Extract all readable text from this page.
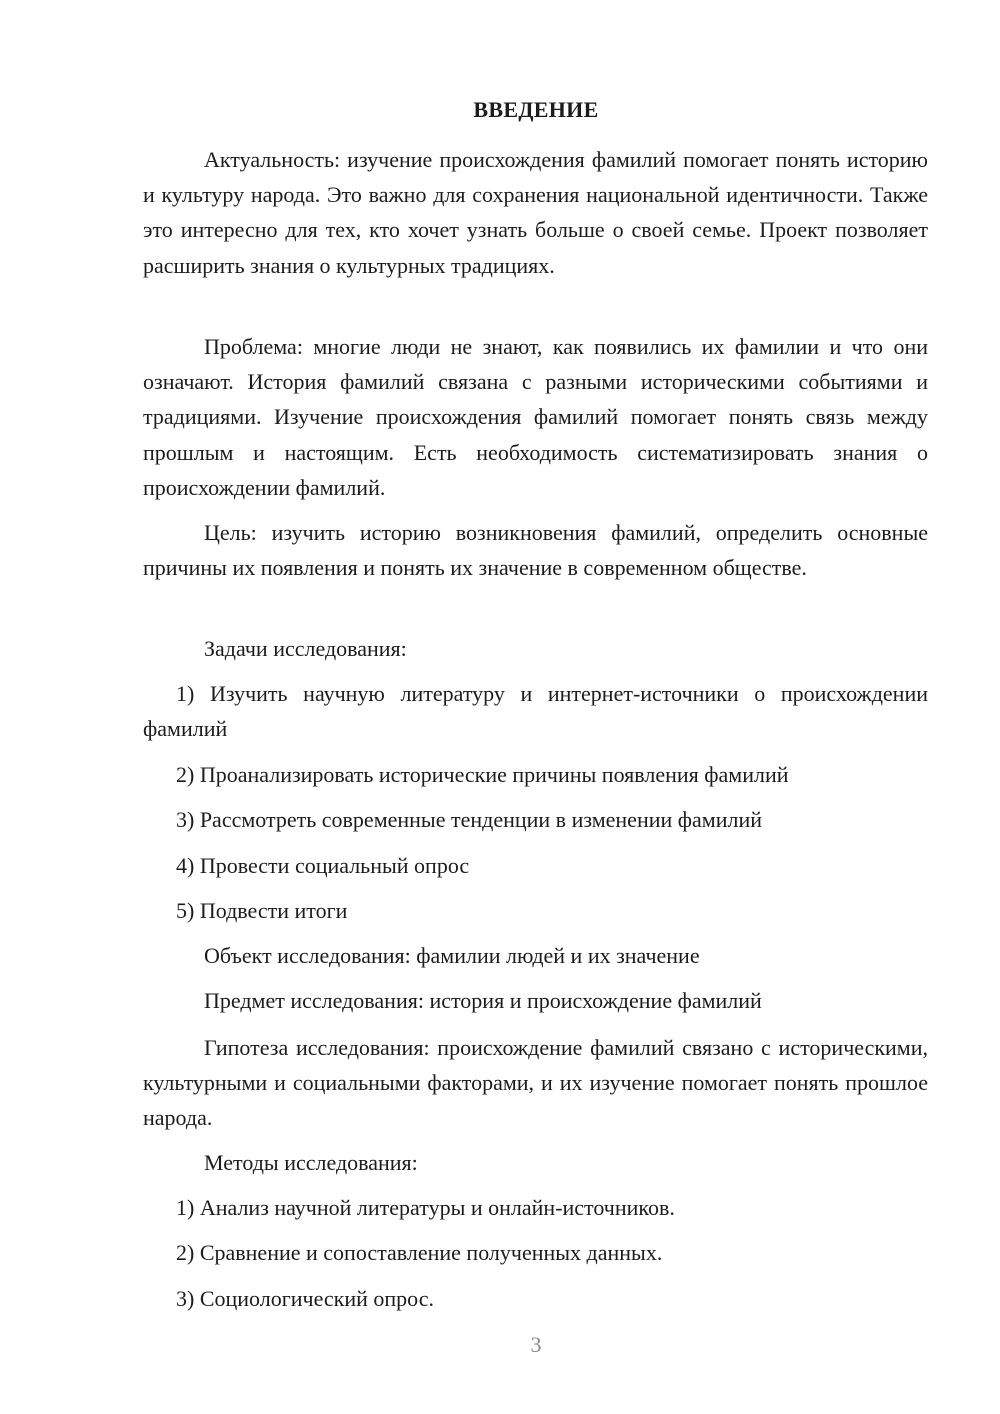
ВВЕДЕНИЕ

Актуальность: изучение происхождения фамилий помогает понять историю и культуру народа. Это важно для сохранения национальной идентичности. Также это интересно для тех, кто хочет узнать больше о своей семье. Проект позволяет расширить знания о культурных традициях.

Проблема: многие люди не знают, как появились их фамилии и что они означают. История фамилий связана с разными историческими событиями и традициями. Изучение происхождения фамилий помогает понять связь между прошлым и настоящим. Есть необходимость систематизировать знания о происхождении фамилий.

Цель: изучить историю возникновения фамилий, определить основные причины их появления и понять их значение в современном обществе.

Задачи исследования:

1) Изучить научную литературу и интернет-источники о происхождении фамилий

2) Проанализировать исторические причины появления фамилий

3) Рассмотреть современные тенденции в изменении фамилий

4) Провести социальный опрос

5) Подвести итоги

Объект исследования: фамилии людей и их значение

Предмет исследования: история и происхождение фамилий

Гипотеза исследования: происхождение фамилий связано с историческими, культурными и социальными факторами, и их изучение помогает понять прошлое народа.

Методы исследования:

1) Анализ научной литературы и онлайн-источников.

2) Сравнение и сопоставление полученных данных.

3) Социологический опрос.

3
